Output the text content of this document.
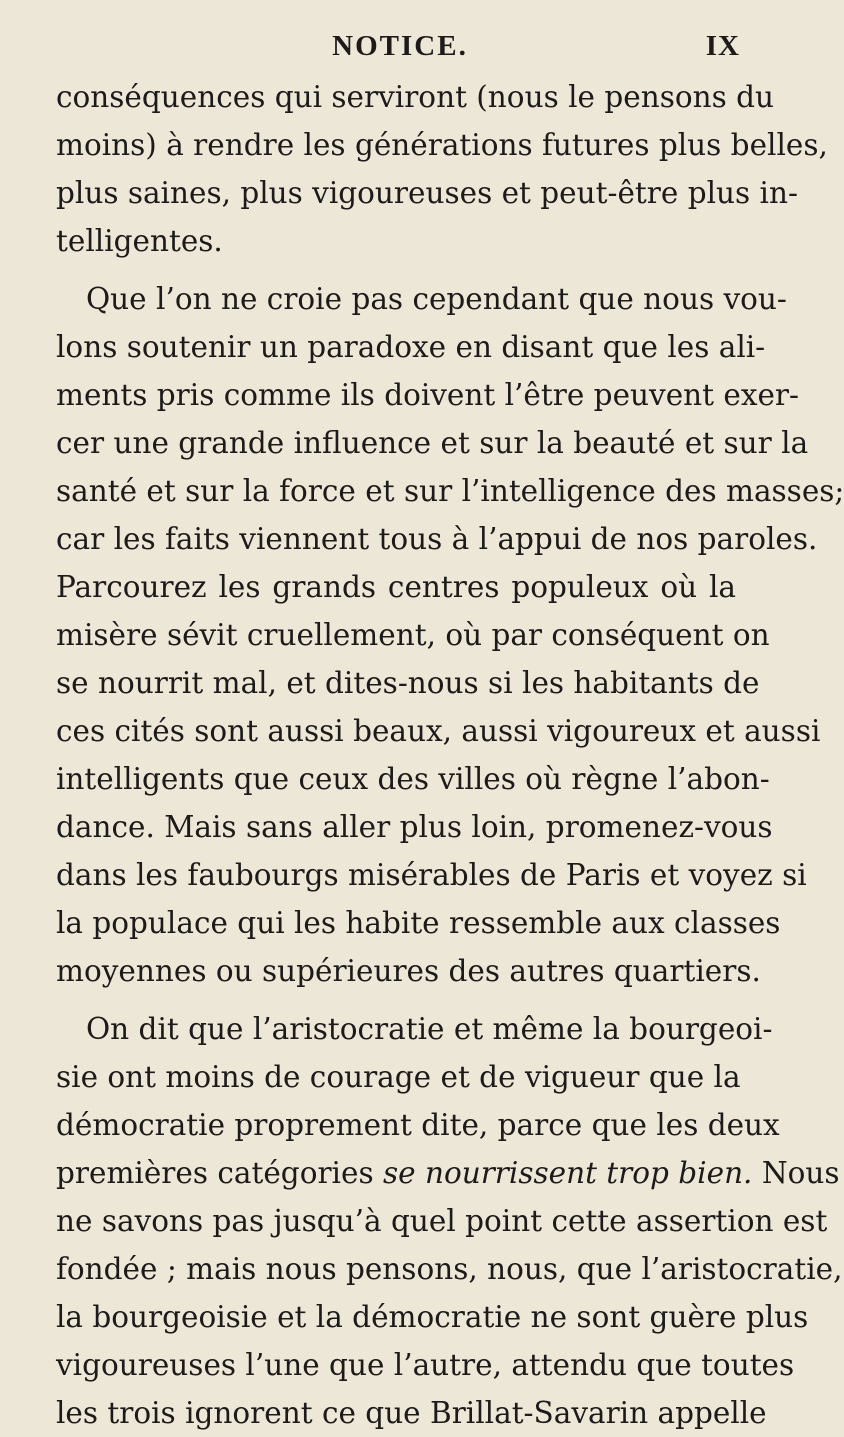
NOTICE.	IX
conséquences qui serviront (nous le pensons du
moins) à rendre les générations futures plus belles,
plus saines, plus vigoureuses et peut-être plus in-
telligentes.
Que l’on ne croie pas cependant que nous vou-
lons soutenir un paradoxe en disant que les ali-
ments pris comme ils doivent l’être peuvent exer-
cer une grande influence et sur la beauté et sur la
santé et sur la force et sur l’intelligence des masses;
car les faits viennent tous à l’appui de nos paroles.
Parcourez les grands centres populeux où la
misère sévit cruellement, où par conséquent on
se nourrit mal, et dites-nous si les habitants de
ces cités sont aussi beaux, aussi vigoureux et aussi
intelligents que ceux des villes où règne l’abon-
dance. Mais sans aller plus loin, promenez-vous
dans les faubourgs misérables de Paris et voyez si
la populace qui les habite ressemble aux classes
moyennes ou supérieures des autres quartiers.
On dit que l’aristocratie et même la bourgeoi-
sie ont moins de courage et de vigueur que la
démocratie proprement dite, parce que les deux
premières catégories se nourrissent trop bien. Nous
ne savons pas jusqu’à quel point cette assertion est
fondée ; mais nous pensons, nous, que l’aristocratie,
la bourgeoisie et la démocratie ne sont guère plus
vigoureuses l’une que l’autre, attendu que toutes
les trois ignorent ce que Brillat-Savarin appelle
